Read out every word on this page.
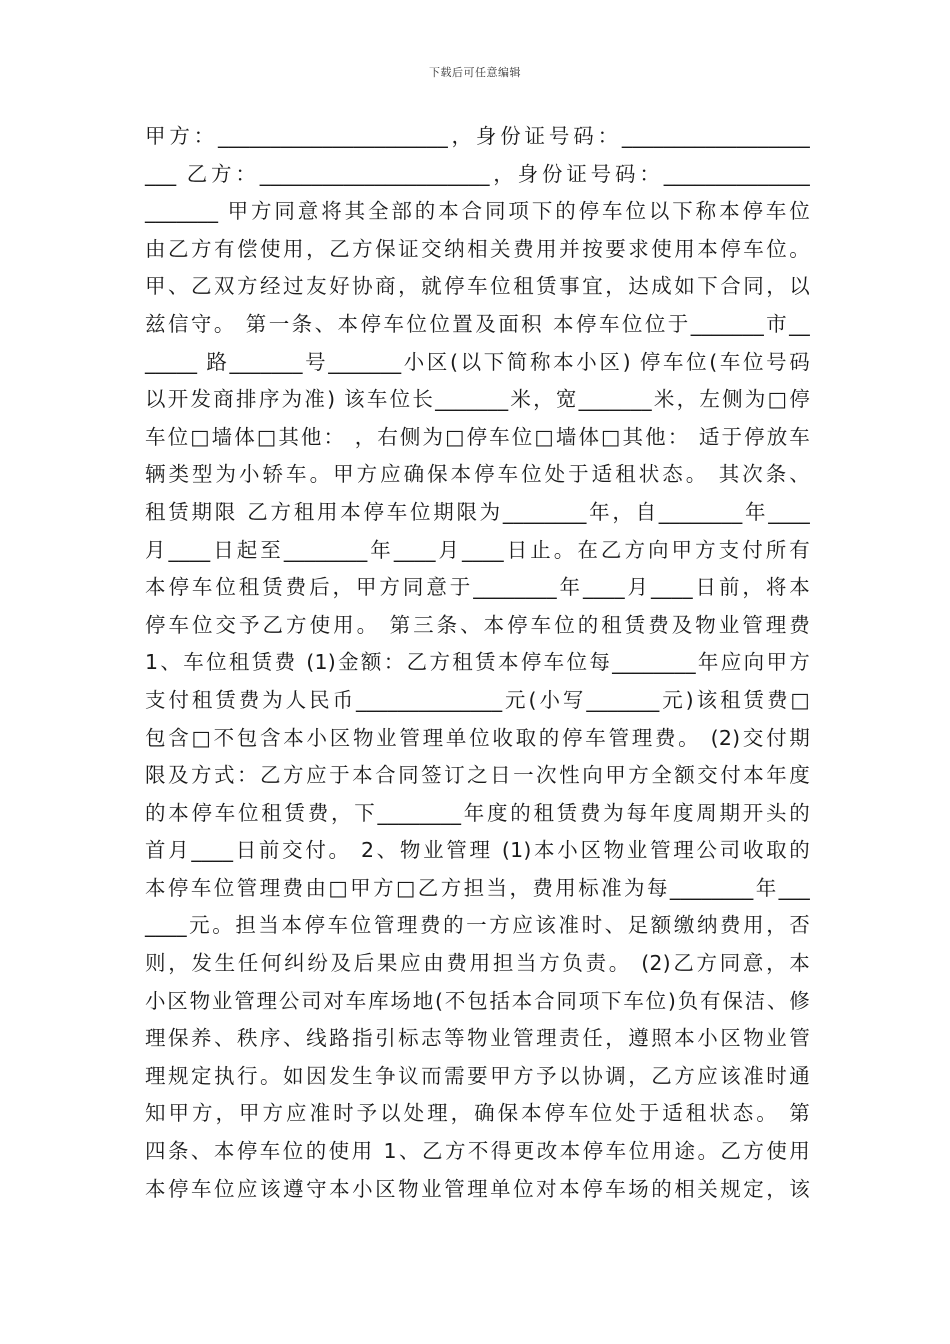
下载后可任意编辑
甲方：______________________，身份证号码：__________________
___ 乙方：______________________，身份证号码：______________
_______ 甲方同意将其全部的本合同项下的停车位以下称本停车位
由乙方有偿使用，乙方保证交纳相关费用并按要求使用本停车位。
甲、乙双方经过友好协商，就停车位租赁事宜，达成如下合同，以
兹信守。 第一条、本停车位位置及面积 本停车位位于_______市__
_____ 路_______号_______小区(以下简称本小区) 停车位(车位号码
以开发商排序为准) 该车位长_______米，宽_______米，左侧为□停
车位□墙体□其他： ，右侧为□停车位□墙体□其他： 适于停放车
辆类型为小轿车。甲方应确保本停车位处于适租状态。 其次条、
租赁期限 乙方租用本停车位期限为________年，自________年____
月____日起至________年____月____日止。在乙方向甲方支付所有
本停车位租赁费后，甲方同意于________年____月____日前，将本
停车位交予乙方使用。 第三条、本停车位的租赁费及物业管理费
1、车位租赁费 (1)金额：乙方租赁本停车位每________年应向甲方
支付租赁费为人民币______________元(小写_______元)该租赁费□
包含□不包含本小区物业管理单位收取的停车管理费。 (2)交付期
限及方式：乙方应于本合同签订之日一次性向甲方全额交付本年度
的本停车位租赁费，下________年度的租赁费为每年度周期开头的
首月____日前交付。 2、物业管理 (1)本小区物业管理公司收取的
本停车位管理费由□甲方□乙方担当，费用标准为每________年___
____元。担当本停车位管理费的一方应该准时、足额缴纳费用，否
则，发生任何纠纷及后果应由费用担当方负责。 (2)乙方同意，本
小区物业管理公司对车库场地(不包括本合同项下车位)负有保洁、修
理保养、秩序、线路指引标志等物业管理责任，遵照本小区物业管
理规定执行。如因发生争议而需要甲方予以协调，乙方应该准时通
知甲方，甲方应准时予以处理，确保本停车位处于适租状态。 第
四条、本停车位的使用 1、乙方不得更改本停车位用途。乙方使用
本停车位应该遵守本小区物业管理单位对本停车场的相关规定，该
